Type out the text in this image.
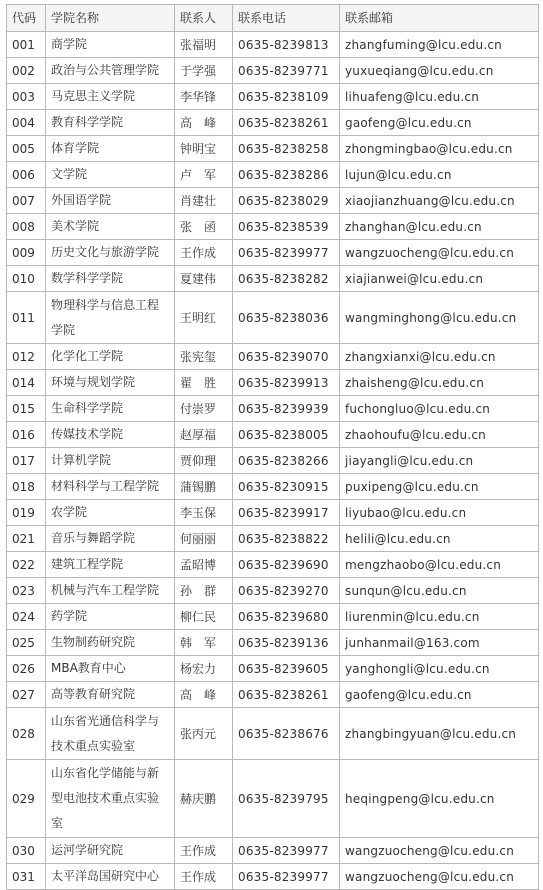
代码	学院名称	联系人	联系电话	联系邮箱
001	商学院	张福明	0635-8239813	zhangfuming@lcu.edu.cn
002	政治与公共管理学院	于学强	0635-8239771	yuxueqiang@lcu.edu.cn
003	马克思主义学院	李华锋	0635-8238109	lihuafeng@lcu.edu.cn
004	教育科学学院	高　峰	0635-8238261	gaofeng@lcu.edu.cn
005	体育学院	钟明宝	0635-8238258	zhongmingbao@lcu.edu.cn
006	文学院	卢　军	0635-8238286	lujun@lcu.edu.cn
007	外国语学院	肖建壮	0635-8238029	xiaojianzhuang@lcu.edu.cn
008	美术学院	张　函	0635-8238539	zhanghan@lcu.edu.cn
009	历史文化与旅游学院	王作成	0635-8239977	wangzuocheng@lcu.edu.cn
010	数学科学学院	夏建伟	0635-8238282	xiajianwei@lcu.edu.cn
011	物理科学与信息工程学院	王明红	0635-8238036	wangminghong@lcu.edu.cn
012	化学化工学院	张宪玺	0635-8239070	zhangxianxi@lcu.edu.cn
014	环境与规划学院	翟　胜	0635-8239913	zhaisheng@lcu.edu.cn
015	生命科学学院	付崇罗	0635-8239939	fuchongluo@lcu.edu.cn
016	传媒技术学院	赵厚福	0635-8238005	zhaohoufu@lcu.edu.cn
017	计算机学院	贾仰理	0635-8238266	jiayangli@lcu.edu.cn
018	材料科学与工程学院	蒲锡鹏	0635-8230915	puxipeng@lcu.edu.cn
019	农学院	李玉保	0635-8239917	liyubao@lcu.edu.cn
021	音乐与舞蹈学院	何丽丽	0635-8238822	helili@lcu.edu.cn
022	建筑工程学院	孟昭博	0635-8239690	mengzhaobo@lcu.edu.cn
023	机械与汽车工程学院	孙　群	0635-8239270	sunqun@lcu.edu.cn
024	药学院	柳仁民	0635-8239680	liurenmin@lcu.edu.cn
025	生物制药研究院	韩　军	0635-8239136	junhanmail@163.com
026	MBA教育中心	杨宏力	0635-8239605	yanghongli@lcu.edu.cn
027	高等教育研究院	高　峰	0635-8238261	gaofeng@lcu.edu.cn
028	山东省光通信科学与技术重点实验室	张丙元	0635-8238676	zhangbingyuan@lcu.edu.cn
029	山东省化学储能与新型电池技术重点实验室	赫庆鹏	0635-8239795	heqingpeng@lcu.edu.cn
030	运河学研究院	王作成	0635-8239977	wangzuocheng@lcu.edu.cn
031	太平洋岛国研究中心	王作成	0635-8239977	wangzuocheng@lcu.edu.cn
